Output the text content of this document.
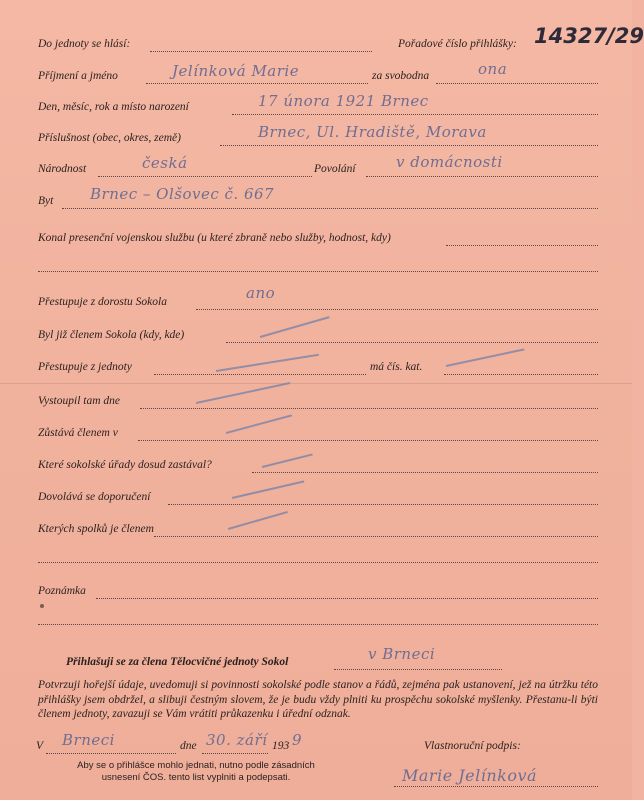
Do jednoty se hlásí:	Pořadové číslo přihlášky: 14327/29
Příjmení a jméno	Jelínková Marie	za svobodna	ona
Den, měsíc, rok a místo narození	17 února 1921 Brnec
Příslušnost (obec, okres, země)	Brnec, Ul. Hradiště, Morava
Národnost	česká	Povolání	v domácnosti
Byt Brnec – Olšovec č. 667
Konal presenční vojenskou službu (u které zbraně nebo služby, hodnost, kdy)
Přestupuje z dorostu Sokola	ano
Byl již členem Sokola (kdy, kde)
Přestupuje z jednoty	má čís. kat.
Vystoupil tam dne
Zůstává členem v
Které sokolské úřady dosud zastával?
Dovolává se doporučení
Kterých spolků je členem
Poznámka
Přihlašuji se za člena Tělocvičné jednoty Sokol	v Brneci
Potvrzuji hořejší údaje, uvedomuji si povinnosti sokolské podle stanov a řádů, zejména pak ustanovení, jež na útržku této přihlášky jsem obdržel, a slibuji čestným slovem, že je budu vždy plniti ku prospěchu sokolské myšlenky. Přestanu-li býti členem jednoty, zavazuji se Vám vrátiti průkazenku i úřední odznak.
V Brneci	dne 30. září 193 9	Vlastnoruční podpis:
Marie Jelínková
Aby se o přihlášce mohlo jednati, nutno podle zásadních usnesení ČOS. tento list vyplniti a podepsati.
